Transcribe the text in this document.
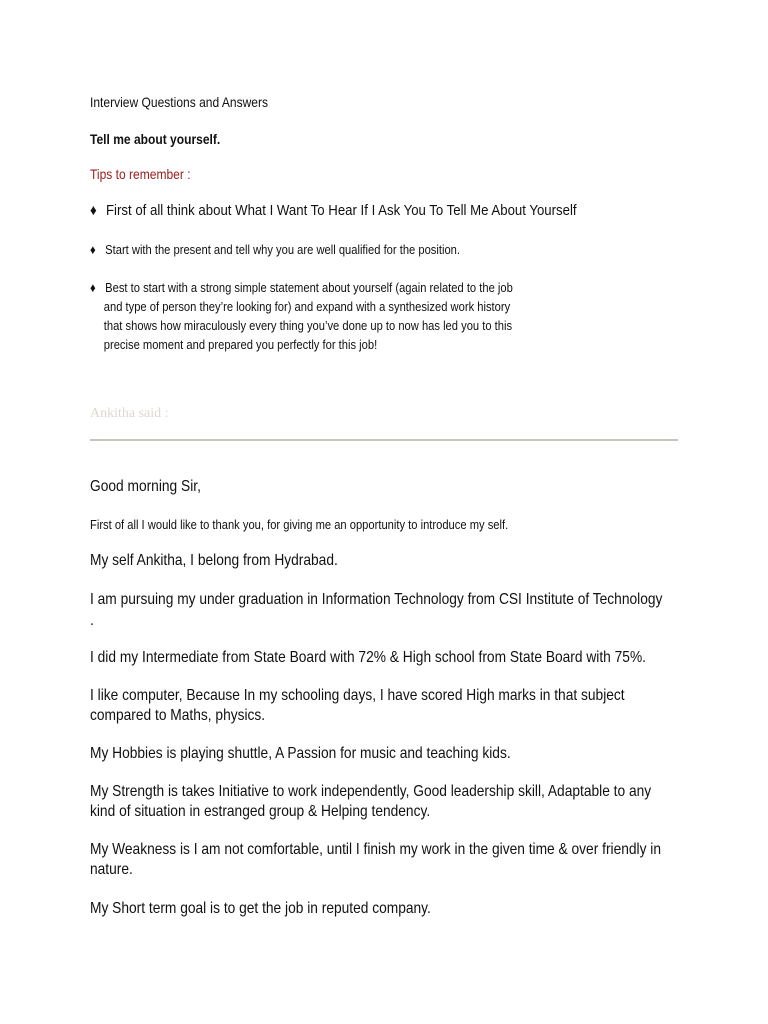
Interview Questions and Answers

Tell me about yourself.

Tips to remember :

♦ First of all think about What I Want To Hear If I Ask You To Tell Me About Yourself
♦ Start with the present and tell why you are well qualified for the position.
♦ Best to start with a strong simple statement about yourself (again related to the job
and type of person they’re looking for) and expand with a synthesized work history
that shows how miraculously every thing you’ve done up to now has led you to this
precise moment and prepared you perfectly for this job!
Ankitha said :

Good morning Sir,

First of all I would like to thank you, for giving me an opportunity to introduce my self.

My self Ankitha, I belong from Hydrabad.

I am pursuing my under graduation in Information Technology from CSI Institute of Technology

.

I did my Intermediate from State Board with 72% & High school from State Board with 75%.

I like computer, Because In my schooling days, I have scored High marks in that subject

compared to Maths, physics.

My Hobbies is playing shuttle, A Passion for music and teaching kids.

My Strength is takes Initiative to work independently, Good leadership skill, Adaptable to any

kind of situation in estranged group & Helping tendency.

My Weakness is I am not comfortable, until I finish my work in the given time & over friendly in

nature.

My Short term goal is to get the job in reputed company.
